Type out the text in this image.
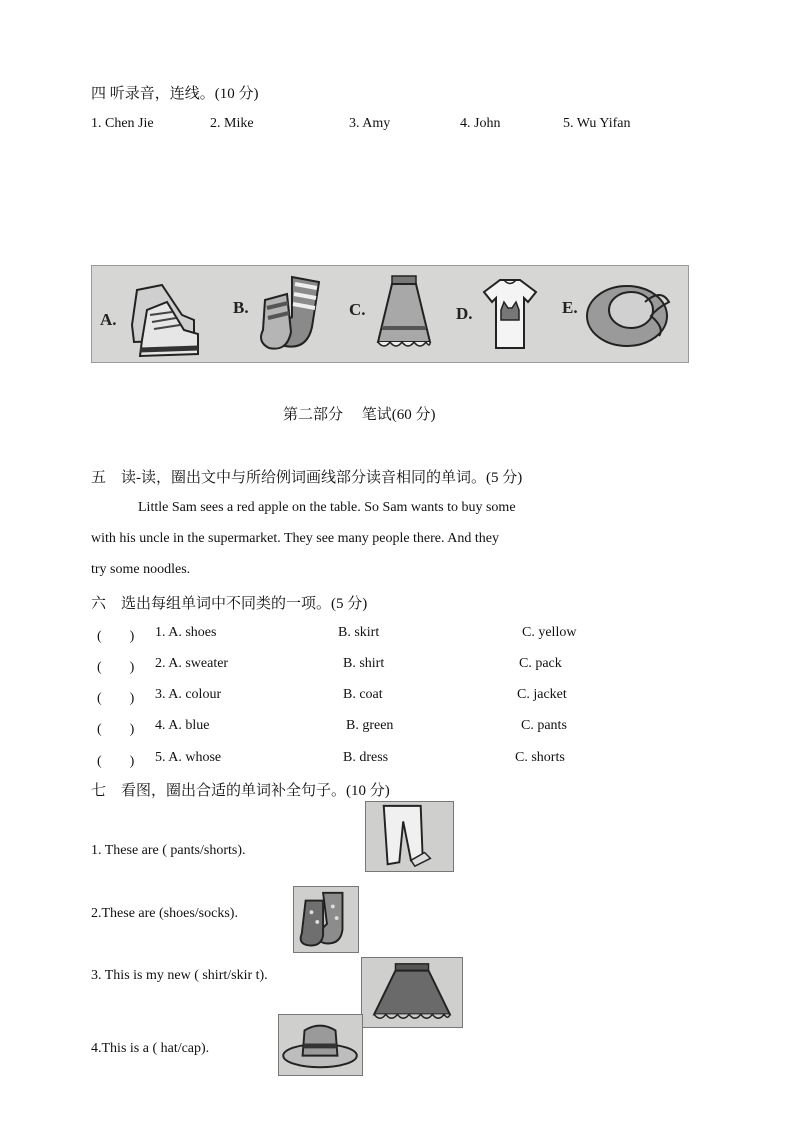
四 听录音，连线。(10 分)
1. Chen Jie	2. Mike	3. Amy	4. John	5. Wu Yifan
A.
B.	C.	D.	E.
第二部分　 笔试(60 分)
五　读-读，圈出文中与所给例词画线部分读音相同的单词。(5 分)
Little Sam sees a red apple on the table. So Sam wants to buy some
with his uncle in the supermarket. They see many people there. And they
try some noodles.
六　选出每组单词中不同类的一项。(5 分)
(　　) 1. A. shoes	B. skirt	C. yellow
(　　) 2. A. sweater	B. shirt	C. pack
(　　) 3. A. colour	B. coat	C. jacket
(　　) 4. A. blue	B. green	C. pants
(　　) 5. A. whose	B. dress	C. shorts
七　看图，圈出合适的单词补全句子。(10 分)
1. These are ( pants/shorts).
2.These are (shoes/socks).
3. This is my new ( shirt/skir t).
4.This is a ( hat/cap).
